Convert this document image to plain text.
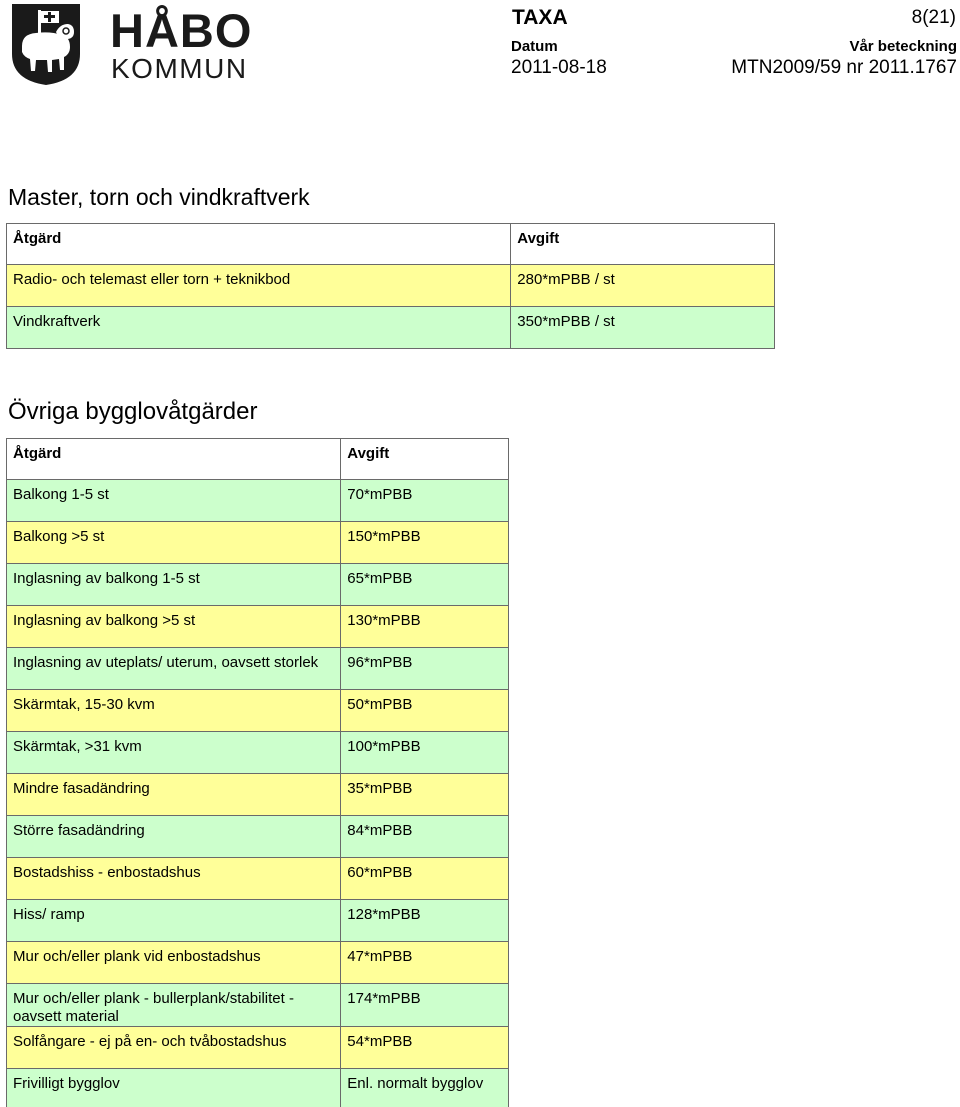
HÅBO
KOMMUN
TAXA	8(21)
Datum
2011-08-18
Vår beteckning
MTN2009/59 nr 2011.1767
Master, torn och vindkraftverk
Åtgärd	Avgift
Radio- och telemast eller torn + teknikbod	280*mPBB / st
Vindkraftverk	350*mPBB / st
Övriga bygglovåtgärder
Åtgärd	Avgift
Balkong 1-5 st	70*mPBB
Balkong >5 st	150*mPBB
Inglasning av balkong 1-5 st	65*mPBB
Inglasning av balkong >5 st	130*mPBB
Inglasning av uteplats/ uterum, oavsett storlek	96*mPBB
Skärmtak, 15-30 kvm	50*mPBB
Skärmtak, >31 kvm	100*mPBB
Mindre fasadändring	35*mPBB
Större fasadändring	84*mPBB
Bostadshiss - enbostadshus	60*mPBB
Hiss/ ramp	128*mPBB
Mur och/eller plank vid enbostadshus	47*mPBB
Mur och/eller plank - bullerplank/stabilitet - oavsett material	174*mPBB
Solfångare - ej på en- och tvåbostadshus	54*mPBB
Frivilligt bygglov	Enl. normalt bygglov
